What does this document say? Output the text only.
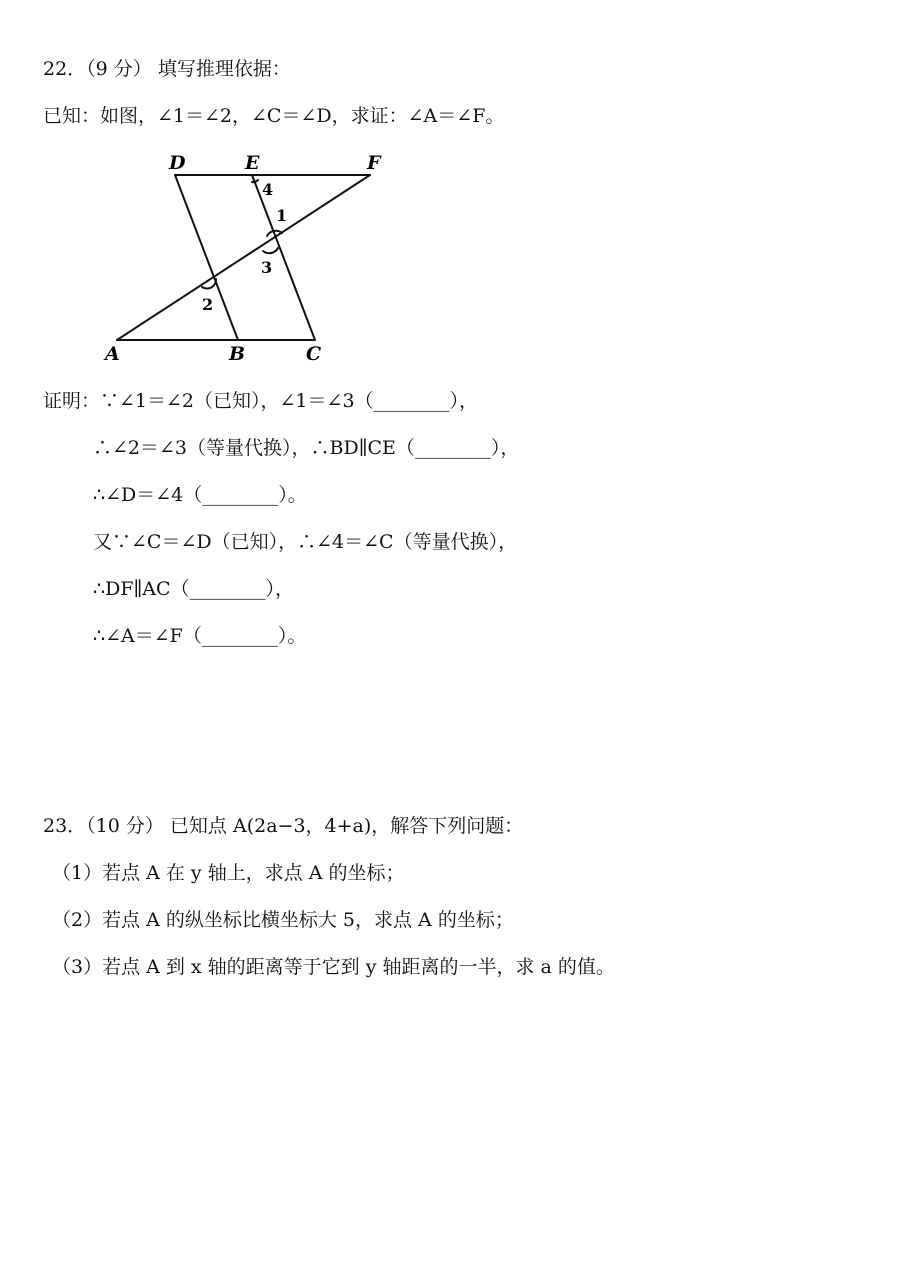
22．（9 分） 填写推理依据：
已知：如图，∠1＝∠2，∠C＝∠D，求证：∠A＝∠F。
D	E	F
A	B	C
4
1
3
2
证明：∵∠1＝∠2（已知），∠1＝∠3（________），
∴∠2＝∠3（等量代换），∴BD∥CE（________），
∴∠D＝∠4（________）。
又∵∠C＝∠D（已知），∴∠4＝∠C（等量代换），
∴DF∥AC（________），
∴∠A＝∠F（________）。
23．（10 分） 已知点 A(2a−3，4+a)，解答下列问题：
（1）若点 A 在 y 轴上，求点 A 的坐标；
（2）若点 A 的纵坐标比横坐标大 5，求点 A 的坐标；
（3）若点 A 到 x 轴的距离等于它到 y 轴距离的一半，求 a 的值。
